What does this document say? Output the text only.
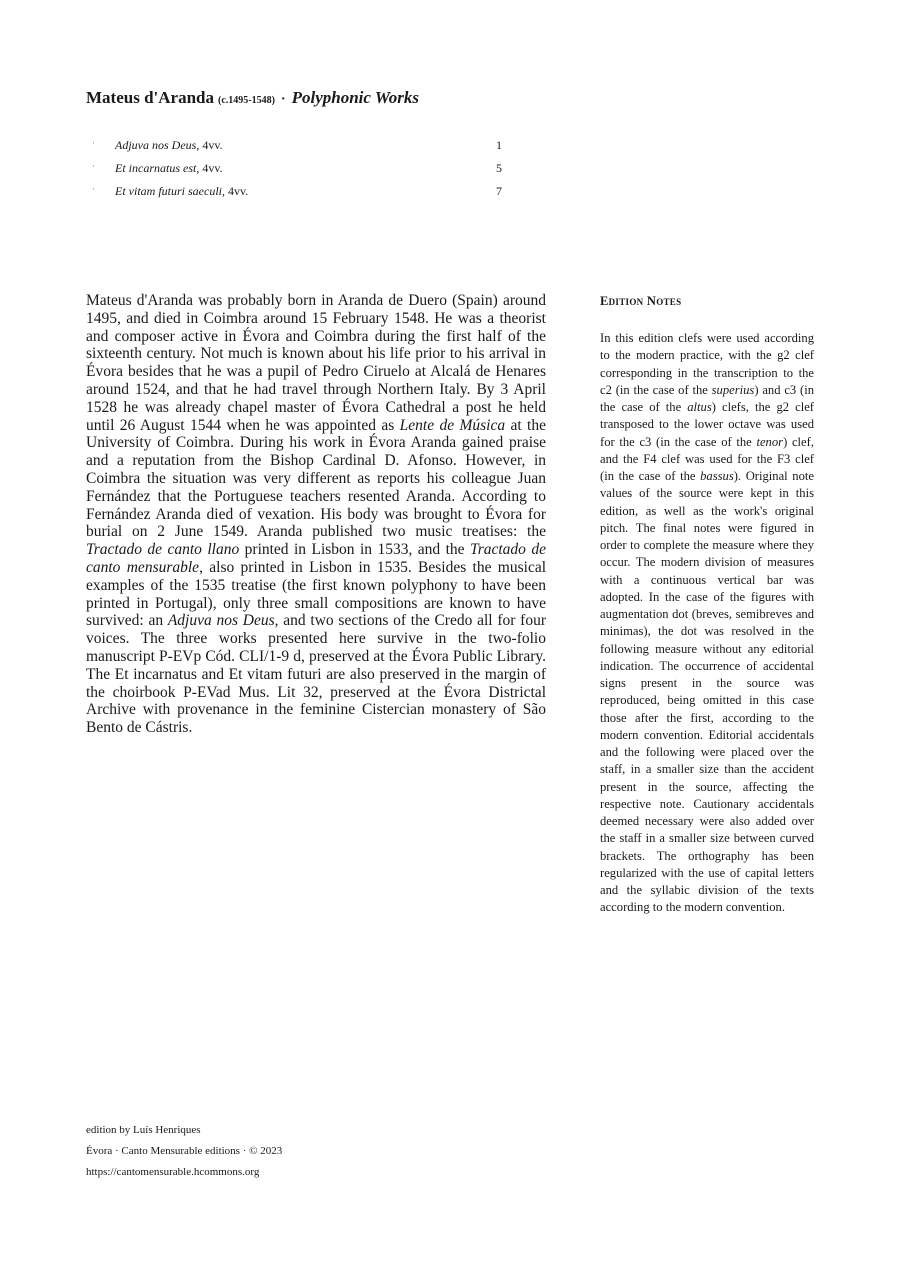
Mateus d'Aranda (c.1495-1548) · Polyphonic Works
· Adjuva nos Deus, 4vv.	1
· Et incarnatus est, 4vv.	5
· Et vitam futuri saeculi, 4vv.	7
Mateus d'Aranda was probably born in Aranda de Duero (Spain) around 1495, and died in Coimbra around 15 February 1548. He was a theorist and composer active in Évora and Coimbra during the first half of the sixteenth century. Not much is known about his life prior to his arrival in Évora besides that he was a pupil of Pedro Ciruelo at Alcalá de Henares around 1524, and that he had travel through Northern Italy. By 3 April 1528 he was already chapel master of Évora Cathedral a post he held until 26 August 1544 when he was appointed as Lente de Música at the University of Coimbra. During his work in Évora Aranda gained praise and a reputation from the Bishop Cardinal D. Afonso. However, in Coimbra the situation was very different as reports his colleague Juan Fernández that the Portuguese teachers resented Aranda. According to Fernández Aranda died of vexation. His body was brought to Évora for burial on 2 June 1549. Aranda published two music treatises: the Tractado de canto llano printed in Lisbon in 1533, and the Tractado de canto mensurable, also printed in Lisbon in 1535. Besides the musical examples of the 1535 treatise (the first known polyphony to have been printed in Portugal), only three small compositions are known to have survived: an Adjuva nos Deus, and two sections of the Credo all for four voices. The three works presented here survive in the two-folio manuscript P-EVp Cód. CLI/1-9 d, preserved at the Évora Public Library. The Et incarnatus and Et vitam futuri are also preserved in the margin of the choirbook P-EVad Mus. Lit 32, preserved at the Évora Districtal Archive with provenance in the feminine Cistercian monastery of São Bento de Cástris.
Edition Notes
In this edition clefs were used according to the modern practice, with the g2 clef corresponding in the transcription to the c2 (in the case of the superius) and c3 (in the case of the altus) clefs, the g2 clef transposed to the lower octave was used for the c3 (in the case of the tenor) clef, and the F4 clef was used for the F3 clef (in the case of the bassus). Original note values of the source were kept in this edition, as well as the work's original pitch. The final notes were figured in order to complete the measure where they occur. The modern division of measures with a continuous vertical bar was adopted. In the case of the figures with augmentation dot (breves, semibreves and minimas), the dot was resolved in the following measure without any editorial indication. The occurrence of accidental signs present in the source was reproduced, being omitted in this case those after the first, according to the modern convention. Editorial accidentals and the following were placed over the staff, in a smaller size than the accident present in the source, affecting the respective note. Cautionary accidentals deemed necessary were also added over the staff in a smaller size between curved brackets. The orthography has been regularized with the use of capital letters and the syllabic division of the texts according to the modern convention.
edition by Luís Henriques
Évora · Canto Mensurable editions · © 2023
https://cantomensurable.hcommons.org
